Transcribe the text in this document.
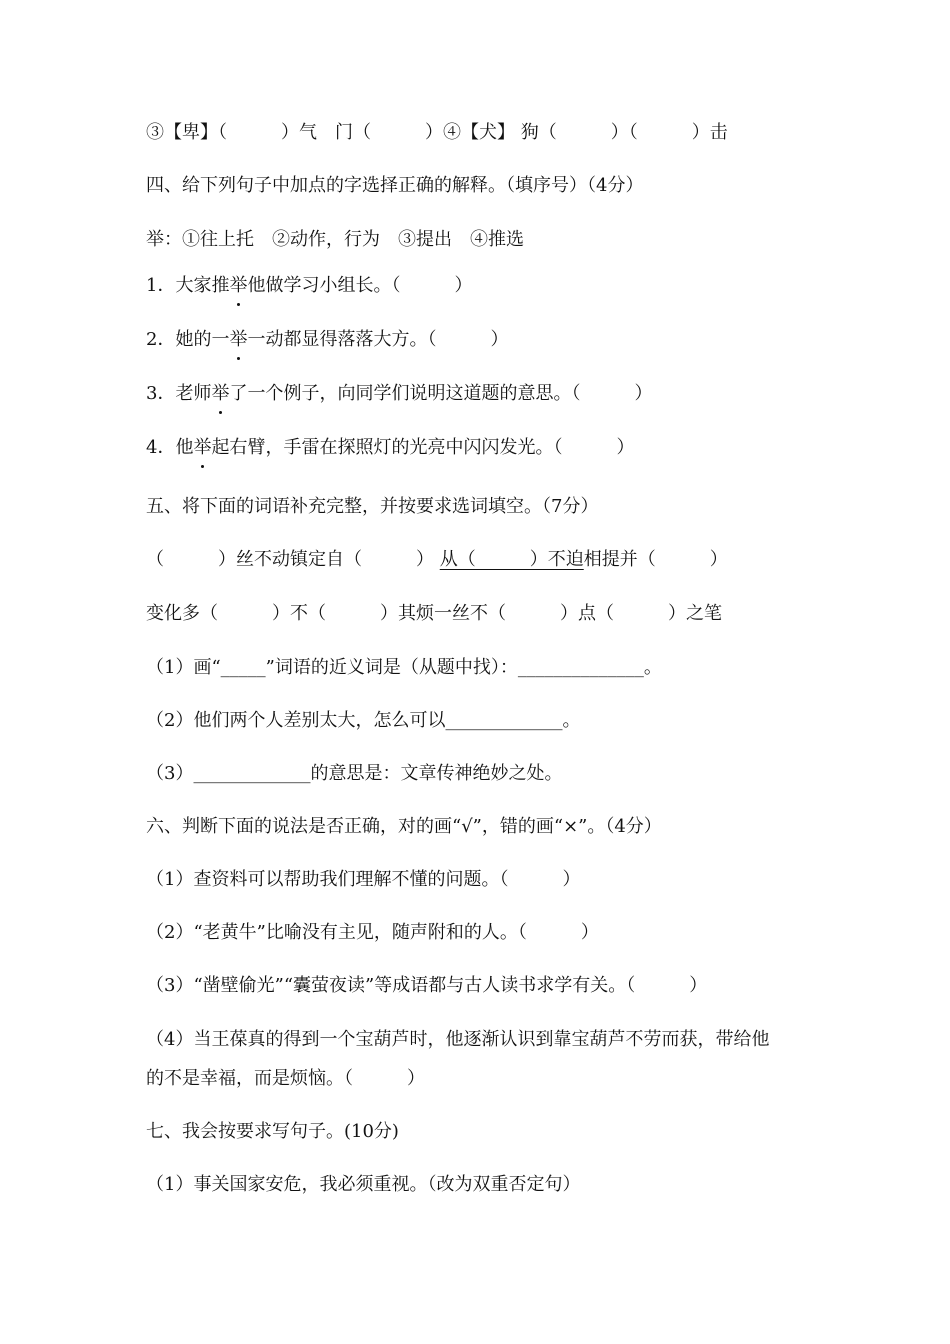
③【卑】（　　　）气　门（　　　）④【犬】 狗（　　　）（　　　）击
四、给下列句子中加点的字选择正确的解释。（填序号）（4分）
举：①往上托　②动作，行为　③提出　④推选
1．大家推举他做学习小组长。（　　　）
2．她的一举一动都显得落落大方。（　　　）
3．老师举了一个例子，向同学们说明这道题的意思。（　　　）
4．他举起右臂，手雷在探照灯的光亮中闪闪发光。（　　　）
五、将下面的词语补充完整，并按要求选词填空。（7分）
（　　　）丝不动镇定自（　　　） 从（　　　）不迫相提并（　　　）
变化多（　　　）不（　　　）其烦一丝不（　　　）点（　　　）之笔
（1）画“_____”词语的近义词是（从题中找）：______________。
（2）他们两个人差别太大，怎么可以_____________。
（3）_____________的意思是：文章传神绝妙之处。
六、判断下面的说法是否正确，对的画“√”，错的画“×”。（4分）
（1）查资料可以帮助我们理解不懂的问题。（　　　）
（2）“老黄牛”比喻没有主见，随声附和的人。（　　　）
（3）“凿壁偷光”“囊萤夜读”等成语都与古人读书求学有关。（　　　）
（4）当王葆真的得到一个宝葫芦时，他逐渐认识到靠宝葫芦不劳而获，带给他
的不是幸福，而是烦恼。（　　　）
七、我会按要求写句子。(10分)
（1）事关国家安危，我必须重视。（改为双重否定句）
